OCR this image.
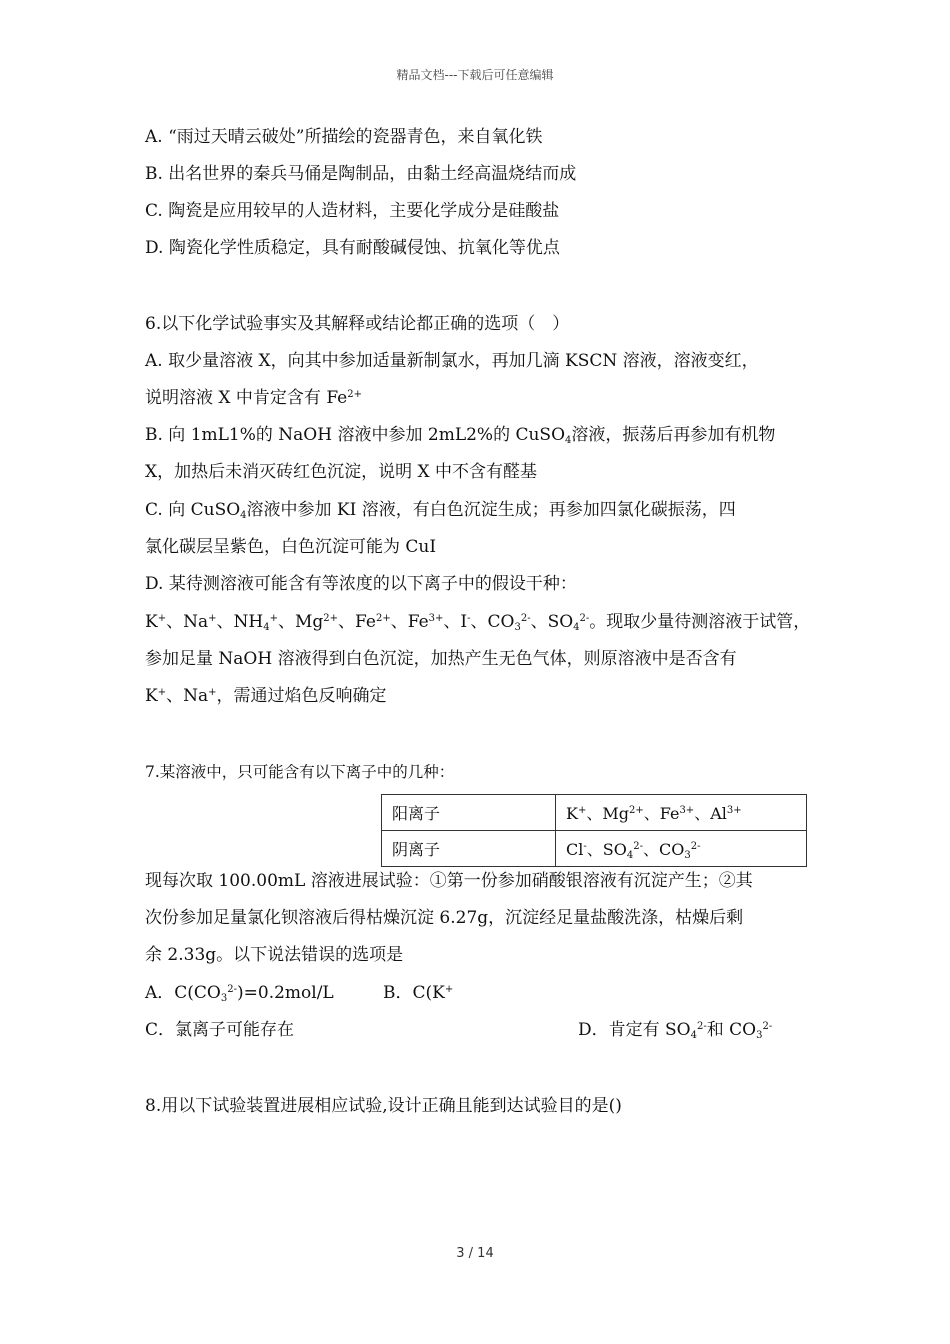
精品文档---下载后可任意编辑
A. “雨过天晴云破处”所描绘的瓷器青色，来自氧化铁
B. 出名世界的秦兵马俑是陶制品，由黏土经高温烧结而成
C. 陶瓷是应用较早的人造材料，主要化学成分是硅酸盐
D. 陶瓷化学性质稳定，具有耐酸碱侵蚀、抗氧化等优点
6.以下化学试验事实及其解释或结论都正确的选项（　）
A. 取少量溶液 X，向其中参加适量新制氯水，再加几滴 KSCN 溶液，溶液变红，
说明溶液 X 中肯定含有 $Fe^{2+}$
B. 向 1mL1%的 NaOH 溶液中参加 2mL2%的 CuSO$_4$溶液，振荡后再参加有机物
X，加热后未消灭砖红色沉淀，说明 X 中不含有醛基
C. 向 CuSO$_4$溶液中参加 KI 溶液，有白色沉淀生成；再参加四氯化碳振荡，四
氯化碳层呈紫色，白色沉淀可能为 CuI
D. 某待测溶液可能含有等浓度的以下离子中的假设干种：
K+、Na+、$NH_4^+$、$Mg^{2+}$、$Fe^{2+}$、$Fe^{3+}$、I-、$CO_3^{2-}$、$SO_4^{2-}$。现取少量待测溶液于试管，
参加足量 NaOH 溶液得到白色沉淀，加热产生无色气体，则原溶液中是否含有
K+、Na+，需通过焰色反响确定
7.某溶液中，只可能含有以下离子中的几种：
阳离子	K+、$Mg^{2+}$、$Fe^{3+}$、$Al^{3+}$
阴离子	Cl-、$SO_4^{2-}$、$CO_3^{2-}$
现每次取 100.00mL 溶液进展试验：①第一份参加硝酸银溶液有沉淀产生；②其
次份参加足量氯化钡溶液后得枯燥沉淀 6.27g，沉淀经足量盐酸洗涤，枯燥后剩
余 2.33g。以下说法错误的选项是
A．$C(CO_3^{2-})=0.2mol/L$	B．C(K+
C．氯离子可能存在	D．肯定有 $SO_4^{2-}$和 $CO_3^{2-}$
8.用以下试验装置进展相应试验,设计正确且能到达试验目的是()
3 / 14
